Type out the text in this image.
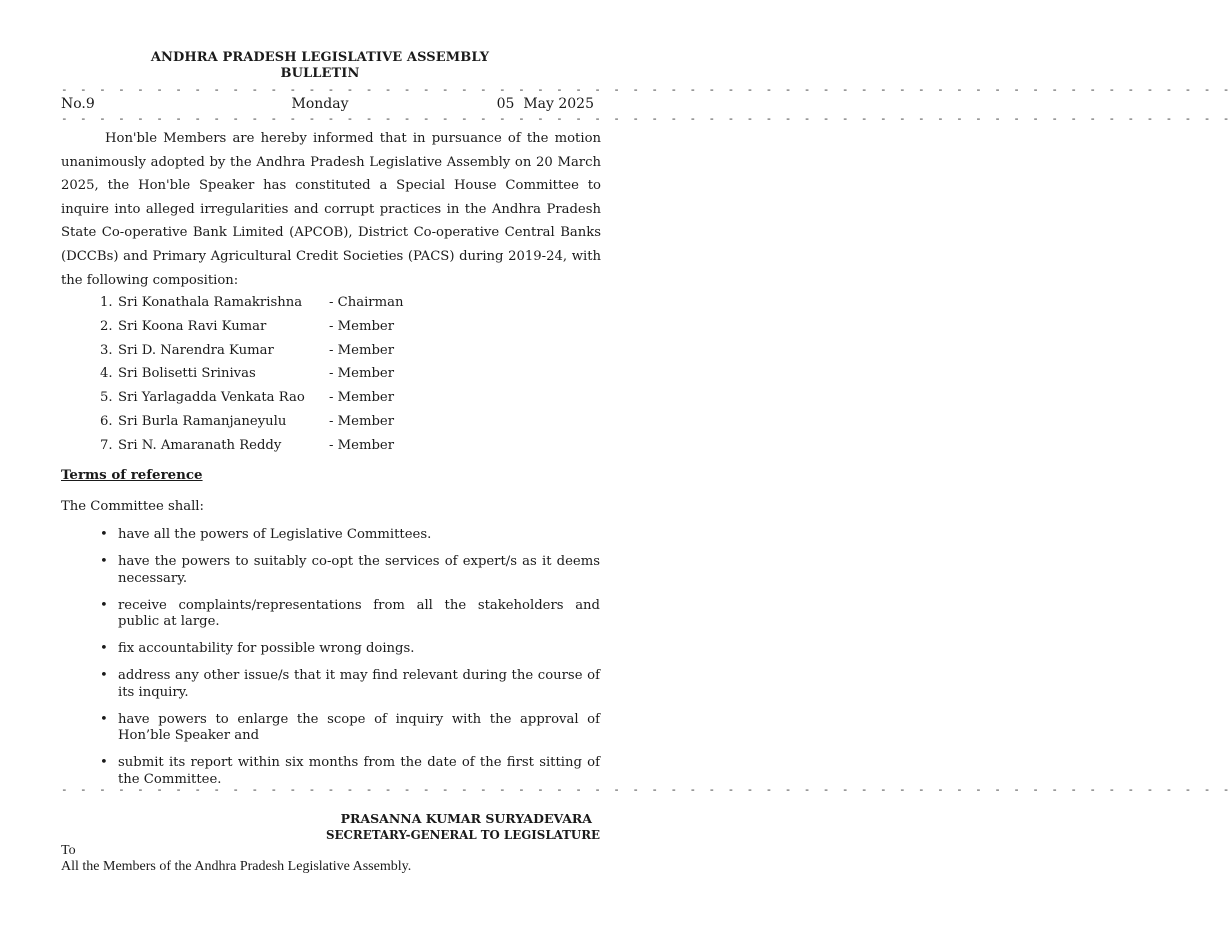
ANDHRA PRADESH LEGISLATIVE ASSEMBLY
BULLETIN
- - - - - - - - - - - - - - - - - - - - - - - - - - - - - - - - - - - - - - - - - - - - - - - - - - - - - - - - - - - - - -
No.9	Monday	05  May 2025
- - - - - - - - - - - - - - - - - - - - - - - - - - - - - - - - - - - - - - - - - - - - - - - - - - - - - - - - - - - - - -

Hon'ble Members are hereby informed that in pursuance of the motion unanimously adopted by the Andhra Pradesh Legislative Assembly on 20 March 2025, the Hon'ble Speaker has constituted a Special House Committee to inquire into alleged irregularities and corrupt practices in the Andhra Pradesh State Co-operative Bank Limited (APCOB), District Co-operative Central Banks (DCCBs) and Primary Agricultural Credit Societies (PACS) during 2019-24, with the following composition:

1. Sri Konathala Ramakrishna - Chairman
2. Sri Koona Ravi Kumar	- Member
3. Sri D. Narendra Kumar	- Member
4. Sri Bolisetti Srinivas	- Member
5. Sri Yarlagadda Venkata Rao - Member
6. Sri Burla Ramanjaneyulu	- Member
7. Sri N. Amaranath Reddy	- Member
Terms of reference
The Committee shall:
• have all the powers of Legislative Committees.
• have the powers to suitably co-opt the services of expert/s as it deems necessary.
• receive complaints/representations from all the stakeholders and public at large.
• fix accountability for possible wrong doings.
• address any other issue/s that it may find relevant during the course of its inquiry.
• have powers to enlarge the scope of inquiry with the approval of Hon’ble Speaker and
• submit its report within six months from the date of the first sitting of the Committee.
- - - - - - - - - - - - - - - - - - - - - - - - - - - - - - - - - - - - - - - - - - - - - - - - - - - - - - - - - - - - - -
PRASANNA KUMAR SURYADEVARA
SECRETARY-GENERAL TO LEGISLATURE
To
All the Members of the Andhra Pradesh Legislative Assembly.
